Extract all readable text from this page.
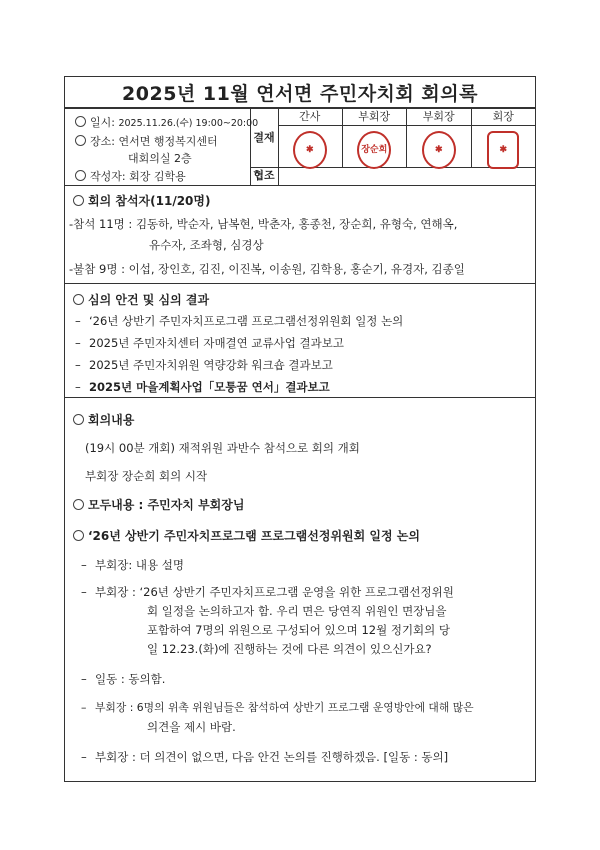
2025년 11월 연서면 주민자치회 회의록
일시: 2025.11.26.(수) 19:00~20:00
장소: 연서면 행정복지센터
대회의실 2층
작성자: 회장 김학용
결재
협조
간사
✱
부회장
장순희
부회장
✱
회장
✱
회의 참석자(11/20명)
-참석 11명 : 김동하, 박순자, 남복현, 박춘자, 홍종천, 장순희, 유형숙, 연해옥,
유수자, 조좌형, 심경상
-불참 9명 : 이섭, 장인호, 김진, 이진복, 이송원, 김학용, 홍순기, 유경자, 김종일
심의 안건 및 심의 결과
– ‘26년 상반기 주민자치프로그램 프로그램선정위원회 일정 논의
– 2025년 주민자치센터 자매결연 교류사업 결과보고
– 2025년 주민자치위원 역량강화 워크숍 결과보고
– 2025년 마을계획사업「모퉁꿈 연서」결과보고
회의내용
(19시 00분 개회) 재적위원 과반수 참석으로 회의 개회
부회장 장순희 회의 시작
모두내용 : 주민자치 부회장님
‘26년 상반기 주민자치프로그램 프로그램선정위원회 일정 논의
– 부회장: 내용 설명
– 부회장 : ‘26년 상반기 주민자치프로그램 운영을 위한 프로그램선정위원
회 일정을 논의하고자 함. 우리 면은 당연직 위원인 면장님을
포함하여 7명의 위원으로 구성되어 있으며 12월 정기회의 당
일 12.23.(화)에 진행하는 것에 다른 의견이 있으신가요?
– 일동 : 동의함.
– 부회장 : 6명의 위촉 위원님들은 참석하여 상반기 프로그램 운영방안에 대해 많은
의견을 제시 바람.
– 부회장 : 더 의견이 없으면, 다음 안건 논의를 진행하겠음. [일동 : 동의]
